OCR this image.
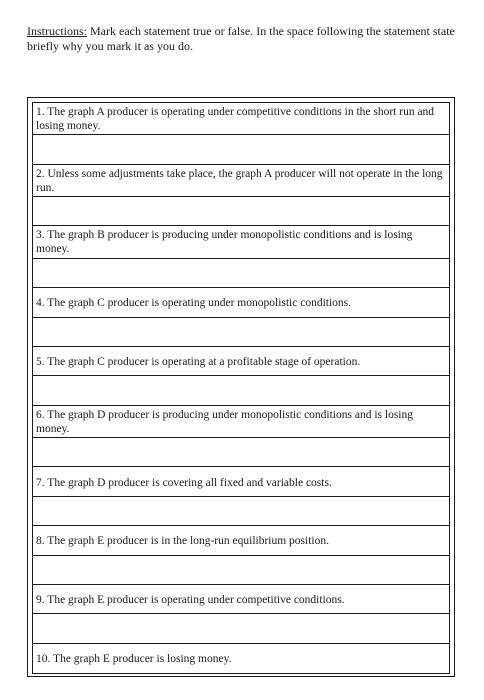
Instructions: Mark each statement true or false. In the space following the statement state briefly why you mark it as you do.
1. The graph A producer is operating under competitive conditions in the short run and losing money.
2. Unless some adjustments take place, the graph A producer will not operate in the long run.
3. The graph B producer is producing under monopolistic conditions and is losing money.
4. The graph C producer is operating under monopolistic conditions.
5. The graph C producer is operating at a profitable stage of operation.
6. The graph D producer is producing under monopolistic conditions and is losing money.
7. The graph D producer is covering all fixed and variable costs.
8. The graph E producer is in the long-run equilibrium position.
9. The graph E producer is operating under competitive conditions.
10. The graph E producer is losing money.
